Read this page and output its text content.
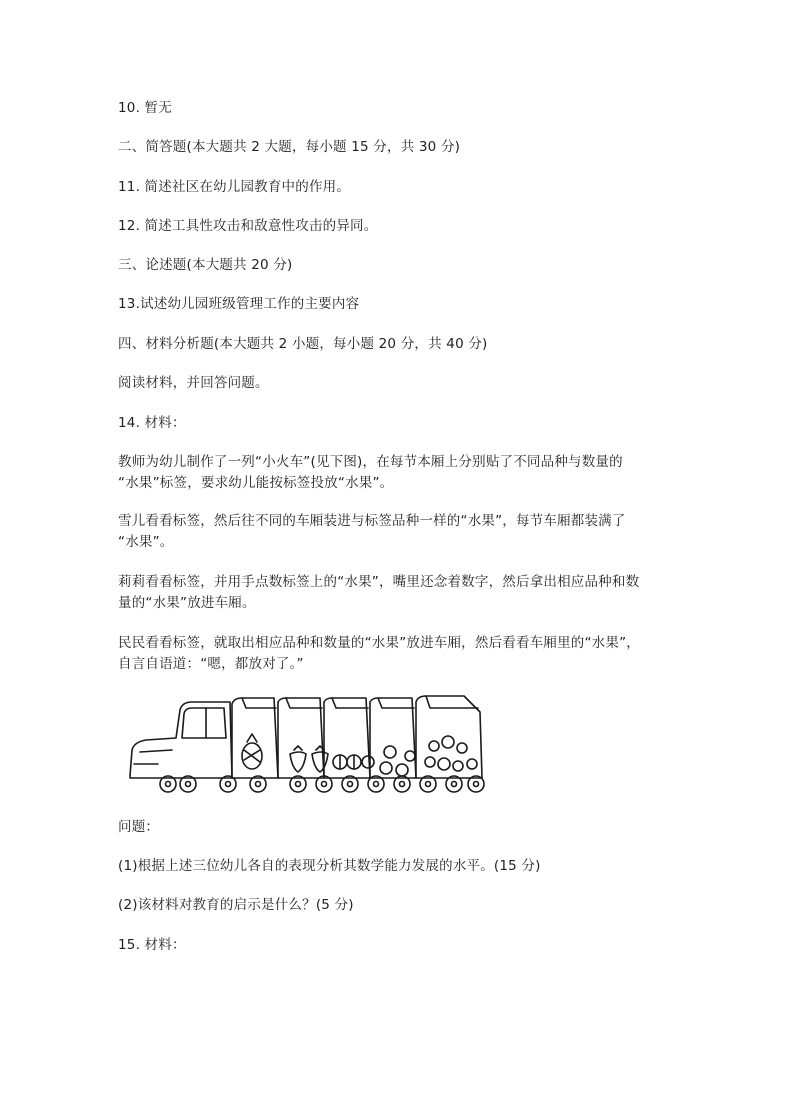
10. 暂无
二、简答题(本大题共 2 大题，每小题 15 分，共 30 分)
11. 简述社区在幼儿园教育中的作用。
12. 简述工具性攻击和敌意性攻击的异同。
三、论述题(本大题共 20 分)
13.试述幼儿园班级管理工作的主要内容
四、材料分析题(本大题共 2 小题，每小题 20 分，共 40 分)
阅读材料，并回答问题。
14. 材料：
教师为幼儿制作了一列“小火车”(见下图)，在每节本厢上分别贴了不同品种与数量的
“水果”标签，要求幼儿能按标签投放“水果”。
雪儿看看标签，然后往不同的车厢装进与标签品种一样的“水果”，每节车厢都装满了
“水果”。
莉莉看看标签，并用手点数标签上的“水果”，嘴里还念着数字，然后拿出相应品种和数
量的“水果”放进车厢。
民民看看标签，就取出相应品种和数量的“水果”放进车厢，然后看看车厢里的“水果”，
自言自语道：“嗯，都放对了。”
问题：
(1)根据上述三位幼儿各自的表现分析其数学能力发展的水平。(15 分)
(2)该材料对教育的启示是什么？(5 分)
15. 材料：
